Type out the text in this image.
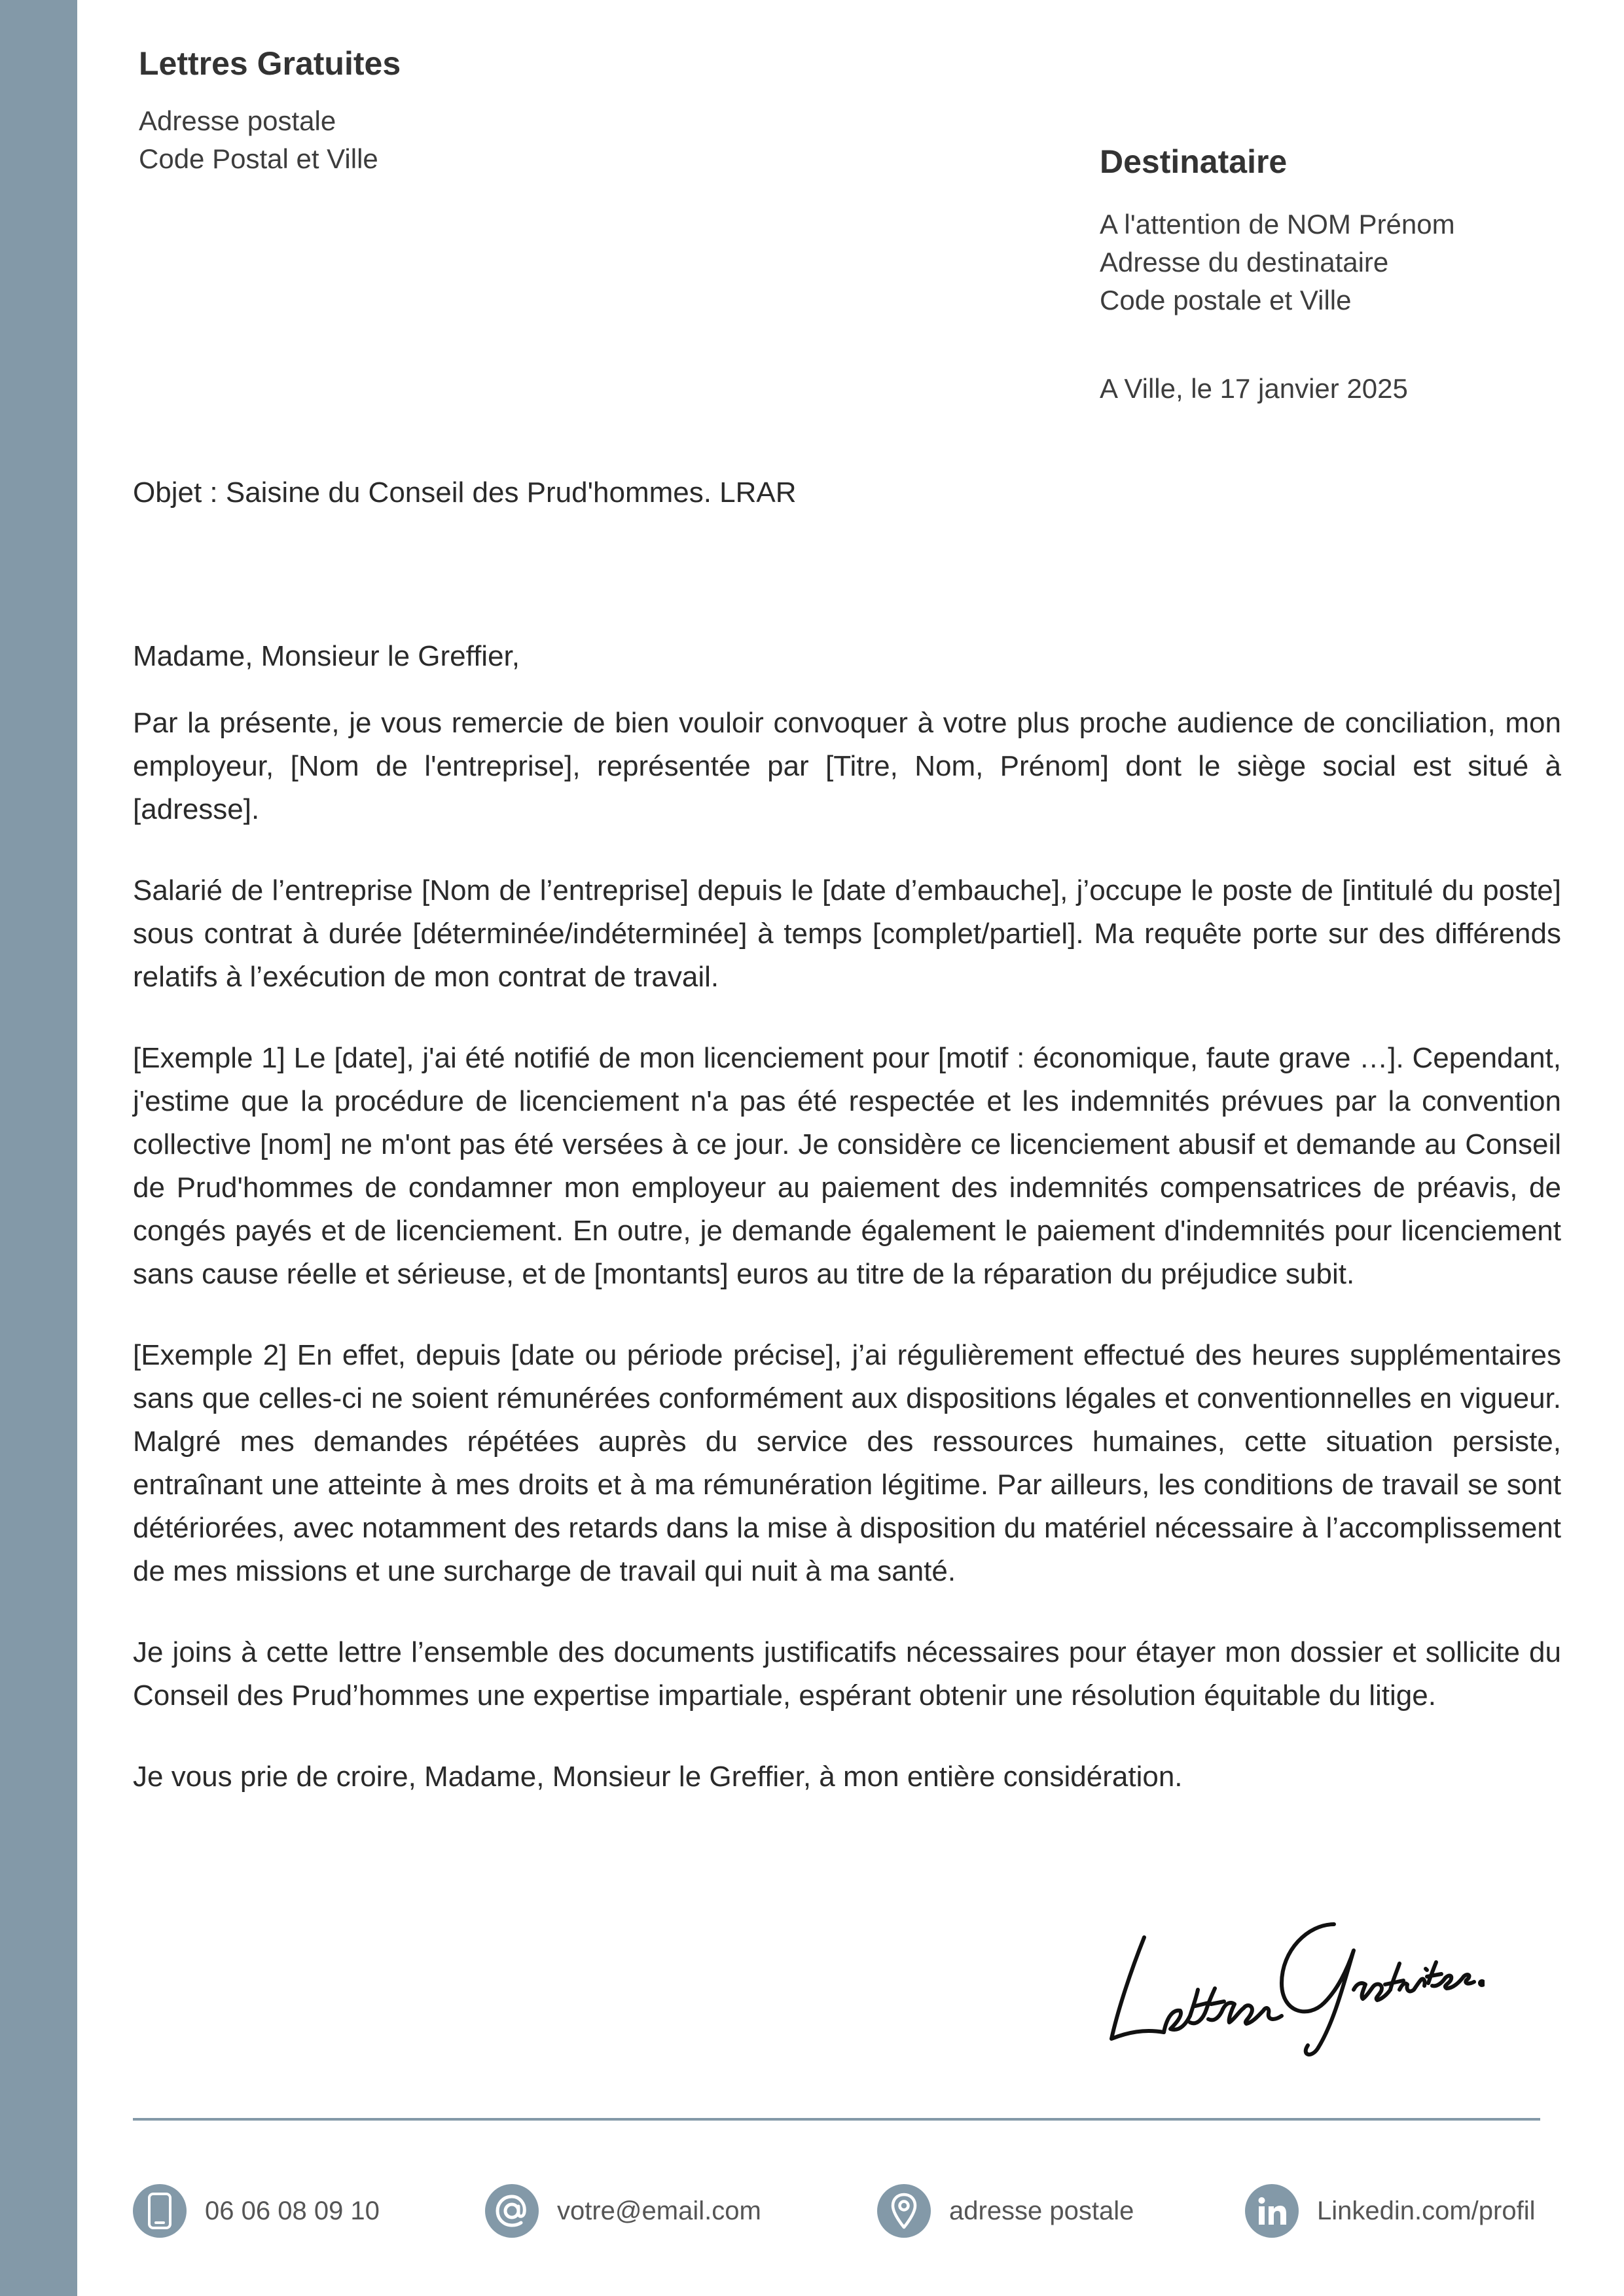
Lettres Gratuites
Adresse postale
Code Postal et Ville	Destinataire
A l'attention de NOM Prénom
Adresse du destinataire
Code postale et Ville
A Ville, le 17 janvier 2025
Objet : Saisine du Conseil des Prud'hommes. LRAR

Madame, Monsieur le Greffier,

Par la présente, je vous remercie de bien vouloir convoquer à votre plus proche audience de conciliation, mon employeur, [Nom de l'entreprise], représentée par [Titre, Nom, Prénom] dont le siège social est situé à [adresse].

Salarié de l’entreprise [Nom de l’entreprise] depuis le [date d’embauche], j’occupe le poste de [intitulé du poste] sous contrat à durée [déterminée/indéterminée] à temps [complet/partiel]. Ma requête porte sur des différends relatifs à l’exécution de mon contrat de travail.

[Exemple 1] Le [date], j'ai été notifié de mon licenciement pour [motif : économique, faute grave …]. Cependant, j'estime que la procédure de licenciement n'a pas été respectée et les indemnités prévues par la convention collective [nom] ne m'ont pas été versées à ce jour. Je considère ce licenciement abusif et demande au Conseil de Prud'hommes de condamner mon employeur au paiement des indemnités compensatrices de préavis, de congés payés et de licenciement. En outre, je demande également le paiement d'indemnités pour licenciement sans cause réelle et sérieuse, et de [montants] euros au titre de la réparation du préjudice subit.

[Exemple 2] En effet, depuis [date ou période précise], j’ai régulièrement effectué des heures supplémentaires sans que celles-ci ne soient rémunérées conformément aux dispositions légales et conventionnelles en vigueur. Malgré mes demandes répétées auprès du service des ressources humaines, cette situation persiste, entraînant une atteinte à mes droits et à ma rémunération légitime. Par ailleurs, les conditions de travail se sont détériorées, avec notamment des retards dans la mise à disposition du matériel nécessaire à l’accomplissement de mes missions et une surcharge de travail qui nuit à ma santé.

Je joins à cette lettre l’ensemble des documents justificatifs nécessaires pour étayer mon dossier et sollicite du Conseil des Prud’hommes une expertise impartiale, espérant obtenir une résolution équitable du litige.

Je vous prie de croire, Madame, Monsieur le Greffier, à mon entière considération.

06 06 08 09 10	votre@email.com	adresse postale	Linkedin.com/profil
